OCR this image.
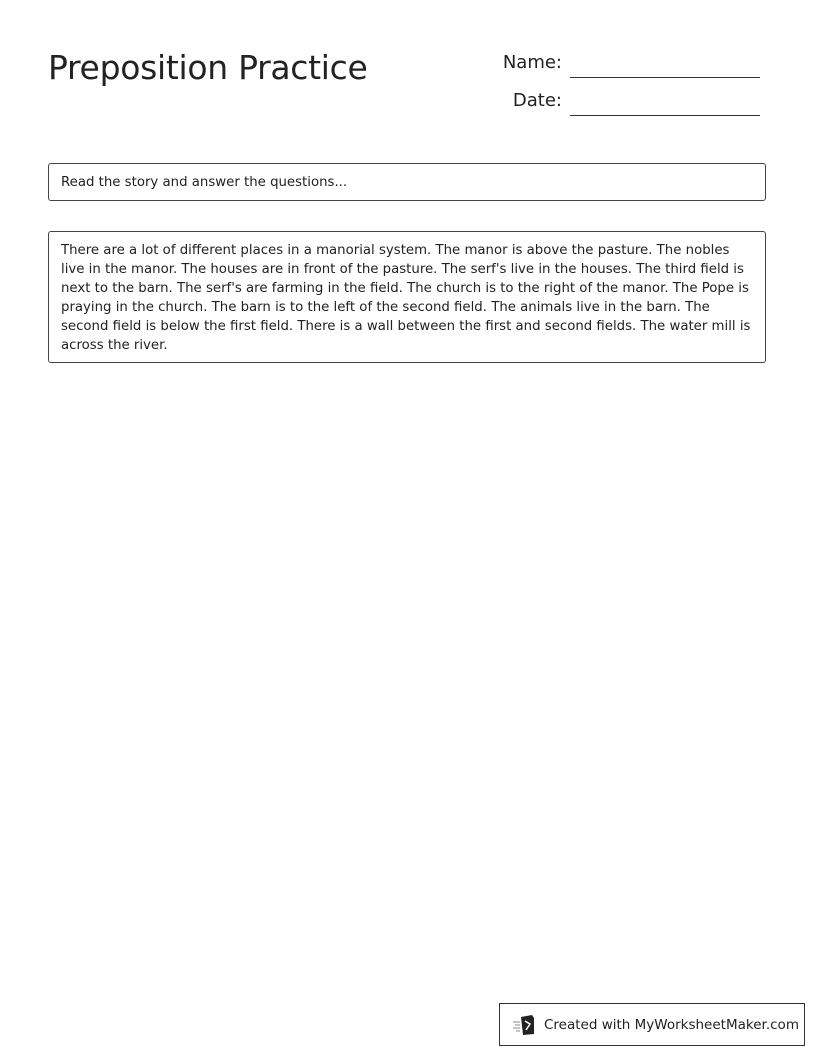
Preposition Practice	Name:
Date:
Read the story and answer the questions...
There are a lot of different places in a manorial system. The manor is above the pasture. The nobles live in the manor. The houses are in front of the pasture. The serf's live in the houses. The third field is next to the barn. The serf's are farming in the field. The church is to the right of the manor. The Pope is praying in the church. The barn is to the left of the second field. The animals live in the barn. The second field is below the first field. There is a wall between the first and second fields. The water mill is across the river.
Created with MyWorksheetMaker.com
